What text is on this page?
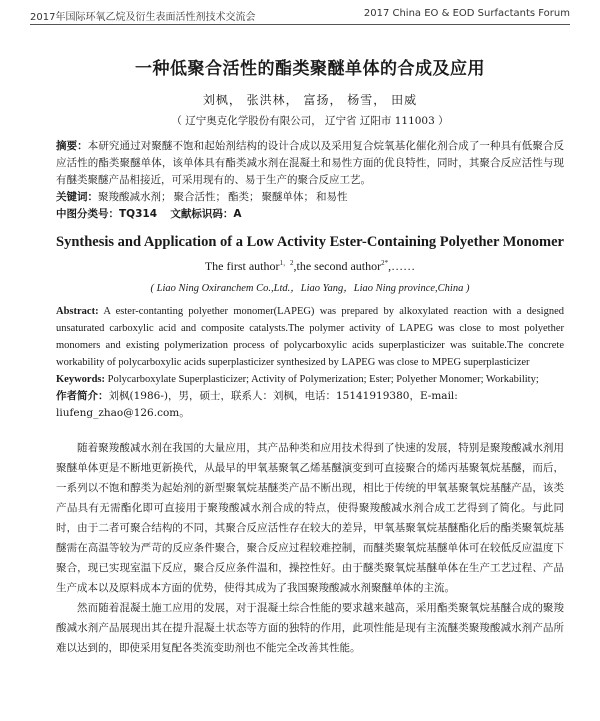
2017年国际环氧乙烷及衍生表面活性剂技术交流会	2017 China EO & EOD Surfactants Forum
一种低聚合活性的酯类聚醚单体的合成及应用
刘枫， 张洪林， 富扬， 杨雪， 田威
（ 辽宁奥克化学股份有限公司， 辽宁省 辽阳市 111003 ）

摘要：本研究通过对聚醚不饱和起始剂结构的设计合成以及采用复合烷氧基化催化剂合成了一种具有低聚合反应活性的酯类聚醚单体，该单体具有酯类减水剂在混凝土和易性方面的优良特性，同时，其聚合反应活性与现有醚类聚醚产品相接近，可采用现有的、易于生产的聚合反应工艺。

关键词：聚羧酸减水剂； 聚合活性； 酯类； 聚醚单体； 和易性
中图分类号：TQ314 文献标识码：A
Synthesis and Application of a Low Activity Ester-Containing Polyether Monomer
The first author$^{1,2}$,the second author$^{2*}$,……
( Liao Ning Oxiranchem Co.,Ltd.，Liao Yang，Liao Ning province,China )

Abstract: A ester-contanting polyether monomer(LAPEG) was prepared by alkoxylated reaction with a designed unsaturated carboxylic acid and composite catalysts.The polymer activity of LAPEG was close to most polyether monomers and existing polymerization process of polycarboxylic acids superplasticizer was suitable.The concrete workability of polycarboxylic acids superplasticizer synthesized by LAPEG was close to MPEG superplasticizer

Keywords: Polycarboxylate Superplasticizer; Activity of Polymerization; Ester; Polyether Monomer; Workability;

作者简介：刘枫(1986-)，男，硕士，联系人：刘枫，电话：15141919380，E-mail: liufeng_zhao@126.com。

随着聚羧酸减水剂在我国的大量应用，其产品种类和应用技术得到了快速的发展，特别是聚羧酸减水剂用聚醚单体更是不断地更新换代，从最早的甲氧基聚氧乙烯基醚演变到可直接聚合的烯丙基聚氧烷基醚，而后，一系列以不饱和醇类为起始剂的新型聚氧烷基醚类产品不断出现，相比于传统的甲氧基聚氧烷基醚产品，该类产品具有无需酯化即可直接用于聚羧酸减水剂合成的特点，使得聚羧酸减水剂合成工艺得到了简化。与此同时，由于二者可聚合结构的不同，其聚合反应活性存在较大的差异，甲氧基聚氧烷基醚酯化后的酯类聚氧烷基醚需在高温等较为严苛的反应条件聚合，聚合反应过程较难控制，而醚类聚氧烷基醚单体可在较低反应温度下聚合，现已实现室温下反应，聚合反应条件温和，操控性好。由于醚类聚氧烷基醚单体在生产工艺过程、产品生产成本以及原料成本方面的优势，使得其成为了我国聚羧酸减水剂聚醚单体的主流。

然而随着混凝土施工应用的发展，对于混凝土综合性能的要求越来越高，采用酯类聚氧烷基醚合成的聚羧酸减水剂产品展现出其在提升混凝土状态等方面的独特的作用，此项性能是现有主流醚类聚羧酸减水剂产品所难以达到的，即使采用复配各类流变助剂也不能完全改善其性能。
